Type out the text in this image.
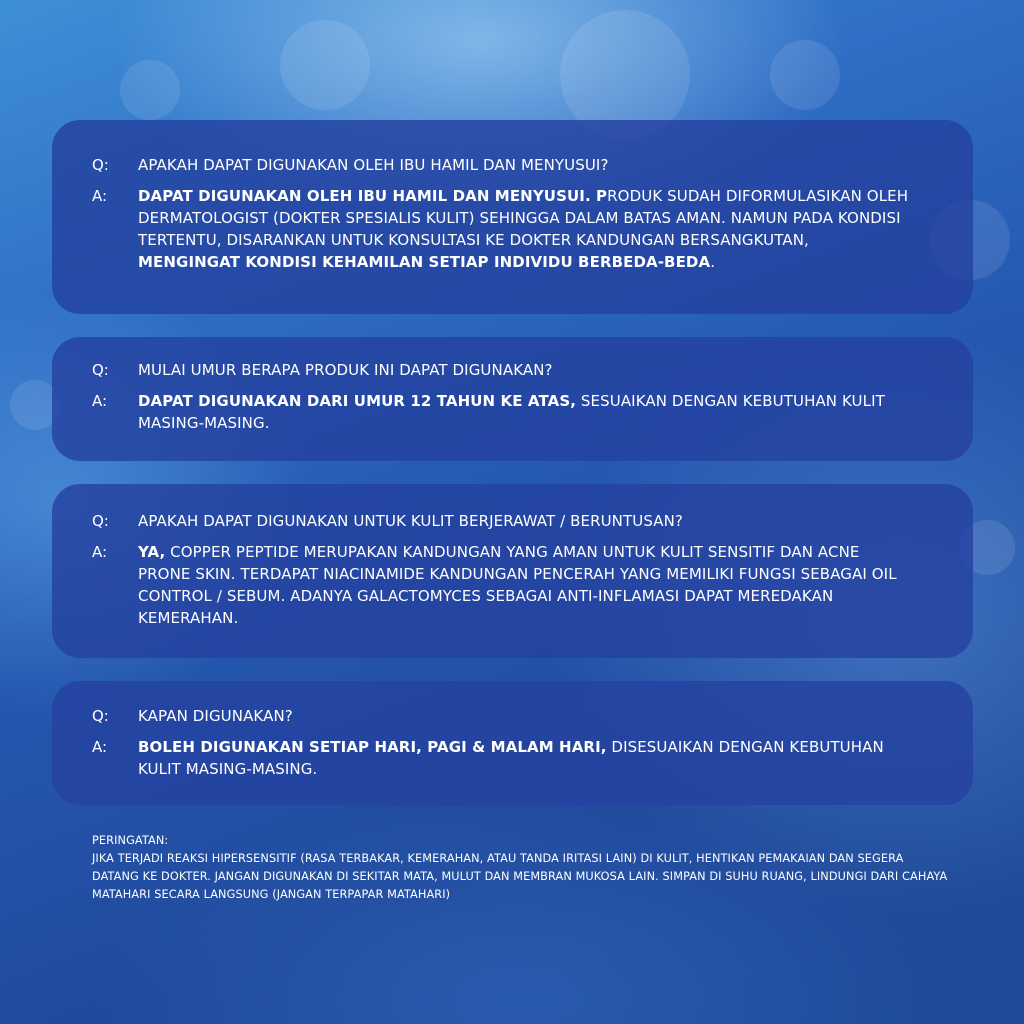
Q:	APAKAH DAPAT DIGUNAKAN OLEH IBU HAMIL DAN MENYUSUI?
A:	DAPAT DIGUNAKAN OLEH IBU HAMIL DAN MENYUSUI. PRODUK SUDAH DIFORMULASIKAN OLEH DERMATOLOGIST (DOKTER SPESIALIS KULIT) SEHINGGA DALAM BATAS AMAN. NAMUN PADA KONDISI TERTENTU, DISARANKAN UNTUK KONSULTASI KE DOKTER KANDUNGAN BERSANGKUTAN, MENGINGAT KONDISI KEHAMILAN SETIAP INDIVIDU BERBEDA-BEDA.
Q:	MULAI UMUR BERAPA PRODUK INI DAPAT DIGUNAKAN?
A:	DAPAT DIGUNAKAN DARI UMUR 12 TAHUN KE ATAS, SESUAIKAN DENGAN KEBUTUHAN KULIT MASING-MASING.
Q:	APAKAH DAPAT DIGUNAKAN UNTUK KULIT BERJERAWAT / BERUNTUSAN?
A:	YA, COPPER PEPTIDE MERUPAKAN KANDUNGAN YANG AMAN UNTUK KULIT SENSITIF DAN ACNE PRONE SKIN. TERDAPAT NIACINAMIDE KANDUNGAN PENCERAH YANG MEMILIKI FUNGSI SEBAGAI OIL CONTROL / SEBUM. ADANYA GALACTOMYCES SEBAGAI ANTI-INFLAMASI DAPAT MEREDAKAN KEMERAHAN.
Q:	KAPAN DIGUNAKAN?
A:	BOLEH DIGUNAKAN SETIAP HARI, PAGI & MALAM HARI, DISESUAIKAN DENGAN KEBUTUHAN KULIT MASING-MASING.
PERINGATAN:
JIKA TERJADI REAKSI HIPERSENSITIF (RASA TERBAKAR, KEMERAHAN, ATAU TANDA IRITASI LAIN) DI KULIT, HENTIKAN PEMAKAIAN DAN SEGERA DATANG KE DOKTER. JANGAN DIGUNAKAN DI SEKITAR MATA, MULUT DAN MEMBRAN MUKOSA LAIN. SIMPAN DI SUHU RUANG, LINDUNGI DARI CAHAYA MATAHARI SECARA LANGSUNG (JANGAN TERPAPAR MATAHARI)
